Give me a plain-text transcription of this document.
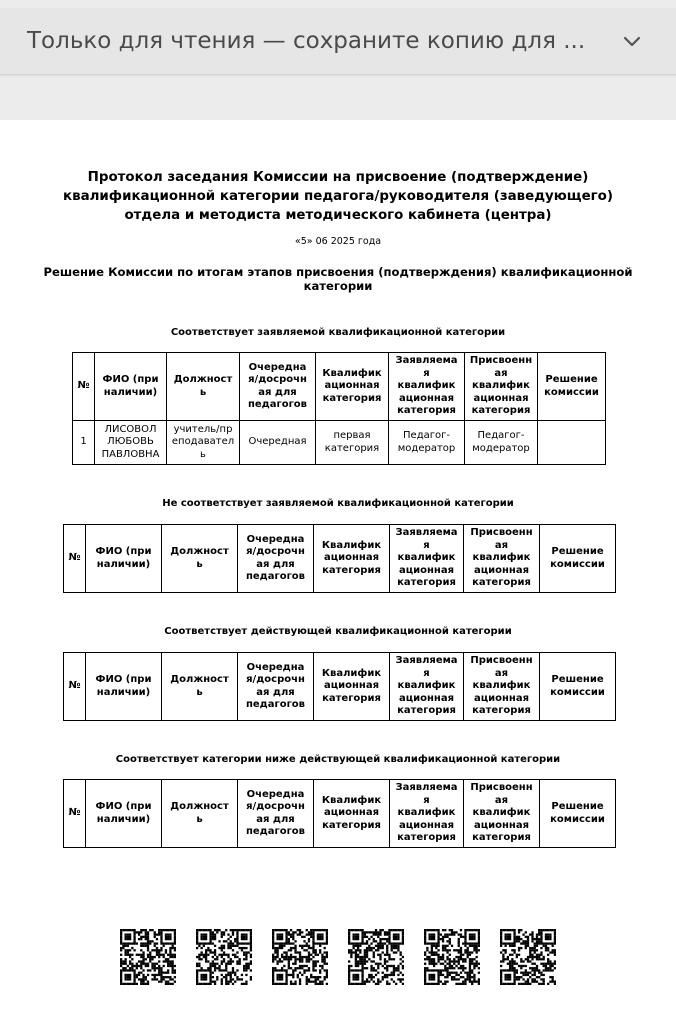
Только для чтения — сохраните копию для ...
Протокол заседания Комиссии на присвоение (подтверждение) квалификационной категории педагога/руководителя (заведующего) отдела и методиста методического кабинета (центра)
«5» 06 2025 года
Решение Комиссии по итогам этапов присвоения (подтверждения) квалификационной категории
Соответствует заявляемой квалификационной категории
№	ФИО (при
наличии)	Должност
ь	Очередна
я/досрочн
ая для
педагогов	Квалифик
ационная
категория	Заявляема
я
квалифик
ационная
категория	Присвоенн
ая
квалифик
ационная
категория	Решение
комиссии
1	ЛИСОВОЛ
ЛЮБОВЬ
ПАВЛОВНА	учитель/пр
еподавател
ь	Очередная	первая
категория	Педагог-
модератор	Педагог-
модератор	
Не соответствует заявляемой квалификационной категории
№	ФИО (при
наличии)	Должност
ь	Очередна
я/досрочн
ая для
педагогов	Квалифик
ационная
категория	Заявляема
я
квалифик
ационная
категория	Присвоенн
ая
квалифик
ационная
категория	Решение
комиссии
Соответствует действующей квалификационной категории
№	ФИО (при
наличии)	Должност
ь	Очередна
я/досрочн
ая для
педагогов	Квалифик
ационная
категория	Заявляема
я
квалифик
ационная
категория	Присвоенн
ая
квалифик
ационная
категория	Решение
комиссии
Соответствует категории ниже действующей квалификационной категории
№	ФИО (при
наличии)	Должност
ь	Очередна
я/досрочн
ая для
педагогов	Квалифик
ационная
категория	Заявляема
я
квалифик
ационная
категория	Присвоенн
ая
квалифик
ационная
категория	Решение
комиссии
